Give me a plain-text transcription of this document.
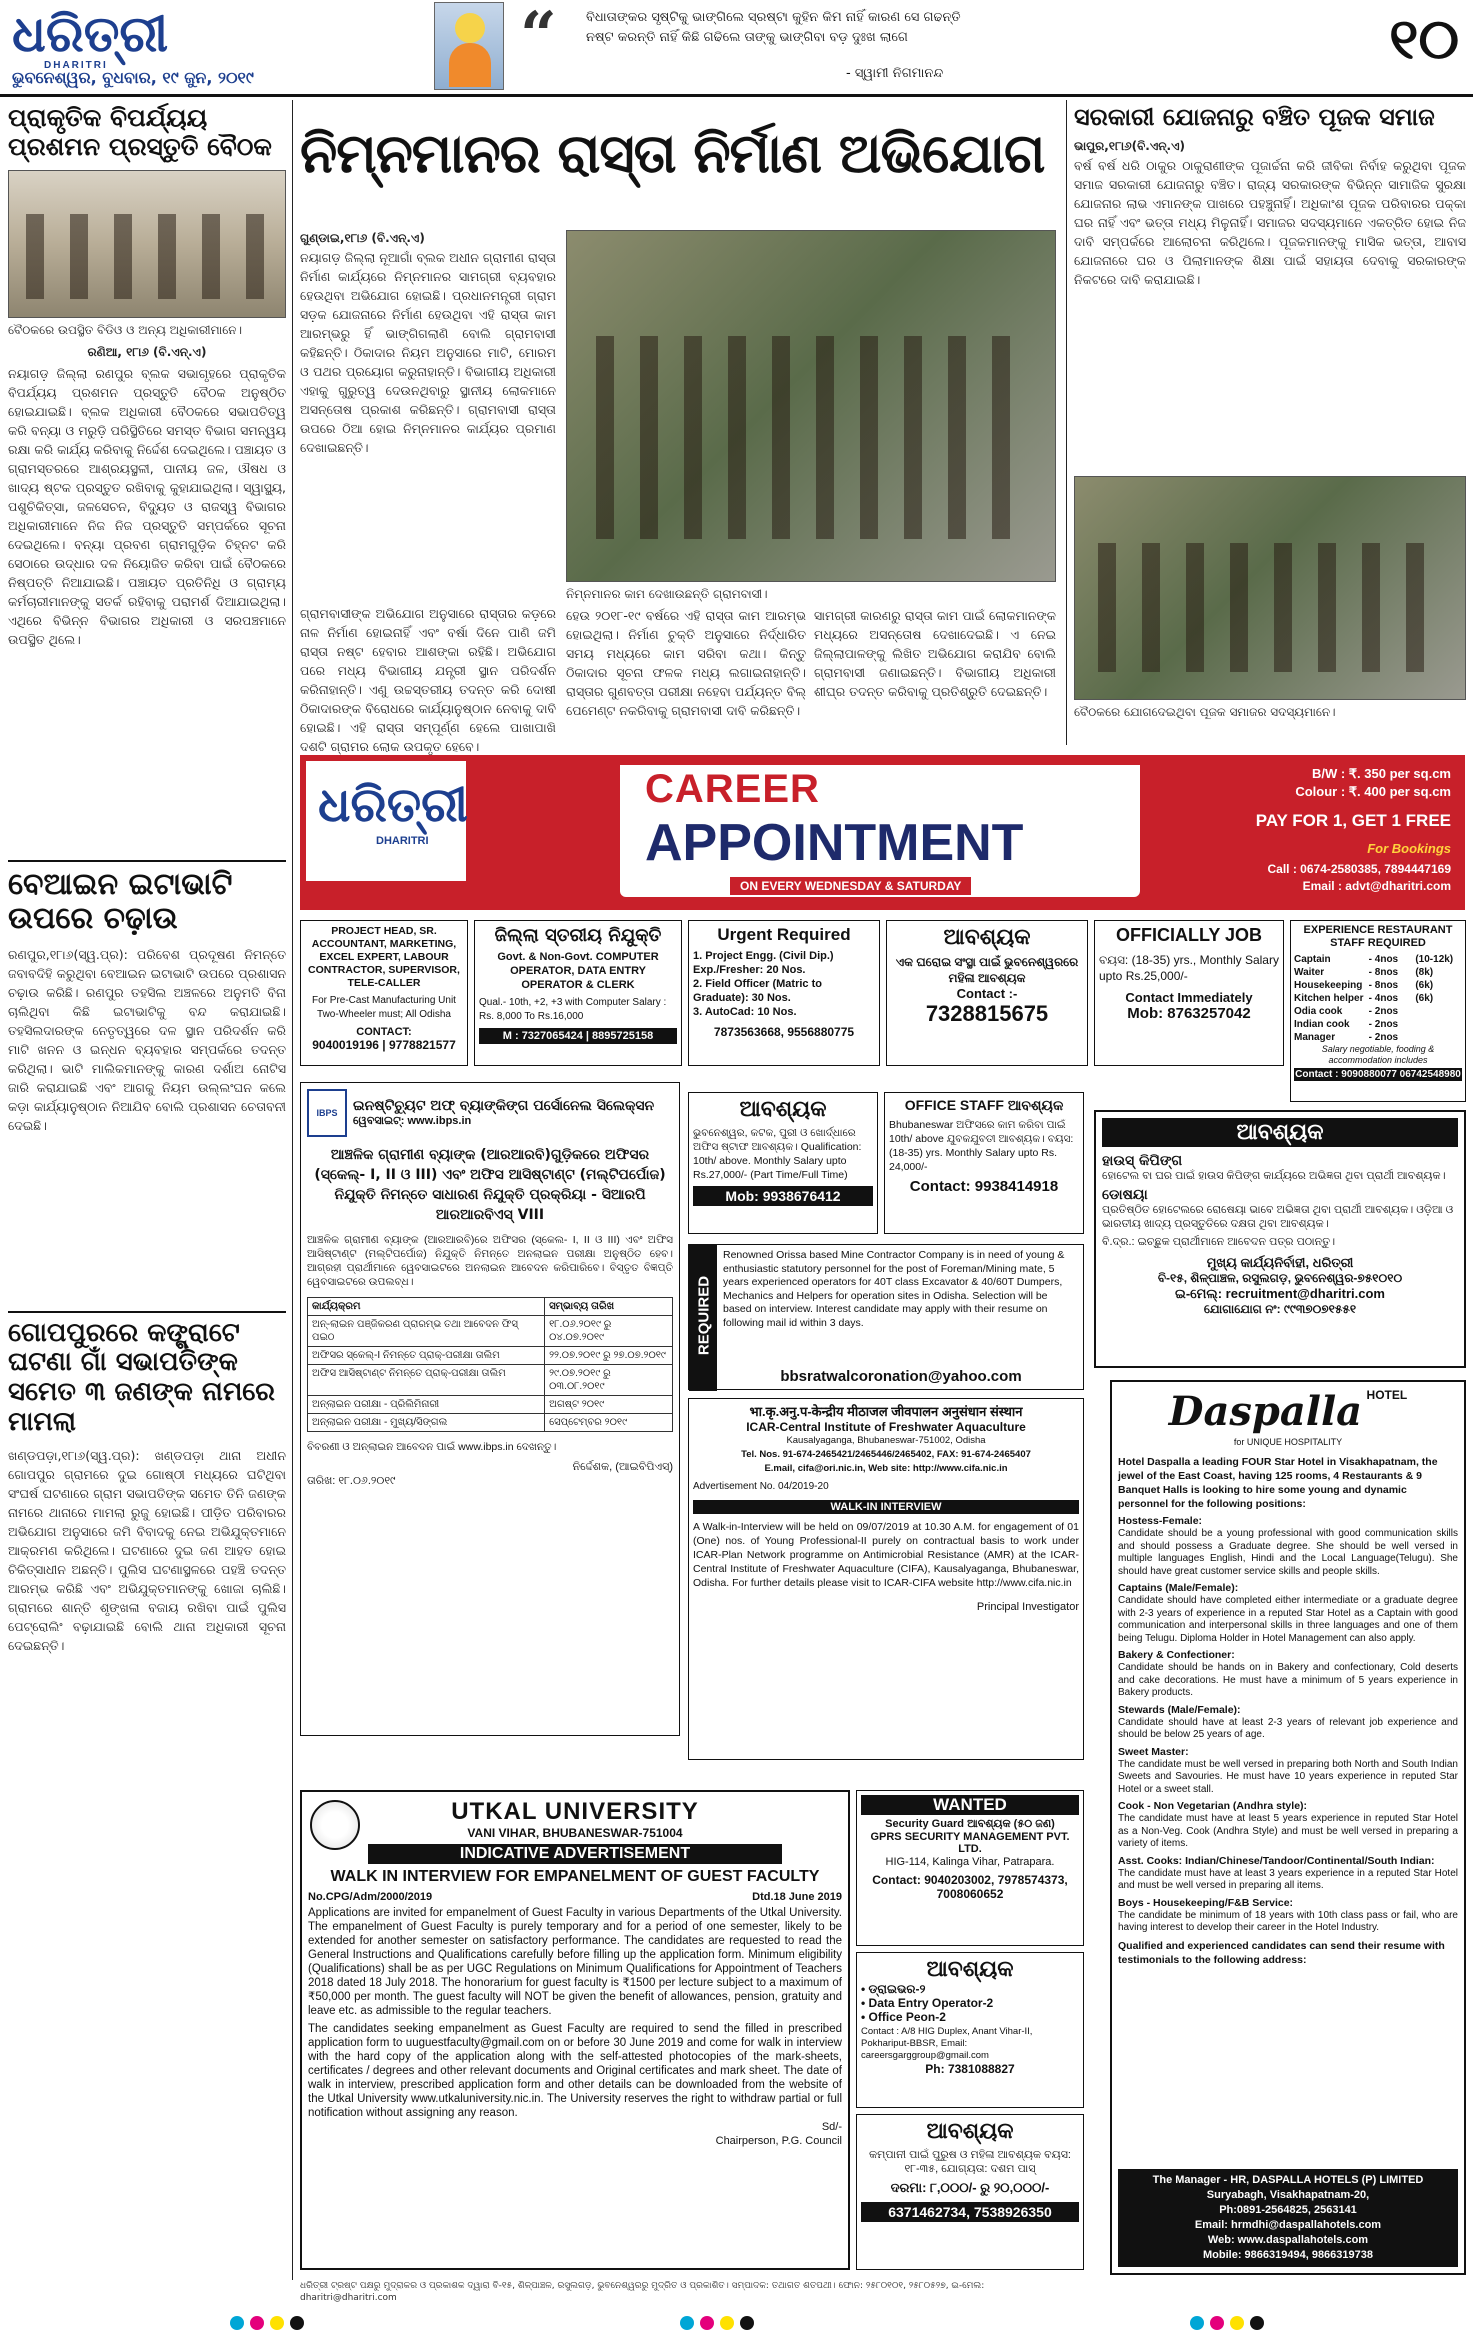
ଧରିତ୍ରୀ
DHARITRI
ଭୁବନେଶ୍ୱର, ବୁଧବାର, ୧୯ ଜୁନ, ୨୦୧୯
“ ବିଧାତାଙ୍କର ସୃଷ୍ଟିକୁ ଭାଙ୍ଗିଲେ ସ୍ରଷ୍ଟା କୁହିନ କିମ ନାହିଁ କାରଣ ସେ ଗଢନ୍ତି ନଷ୍ଟ କରନ୍ତି ନାହିଁ କିଛି ଗଢିଲେ ତାଙ୍କୁ ଭାଙ୍ଗିବା ବଡ଼ ଦୁଃଖ ଲାଗେ
- ସ୍ୱାମୀ ନିଗମାନନ୍ଦ
୧୦
ପ୍ରାକୃତିକ ବିପର୍ଯ୍ୟୟ ପ୍ରଶମନ ପ୍ରସ୍ତୁତି ବୈଠକ
ବୈଠକରେ ଉପସ୍ଥିତ ବିଡିଓ ଓ ଅନ୍ୟ ଅଧିକାରୀମାନେ।
ରଣିଆ, ୧୮ା୬ (ବି.ଏନ୍.ଏ)
ନୟାଗଡ଼ ଜିଲ୍ଲା ରଣପୁର ବ୍ଲକ ସଭାଗୃହରେ ପ୍ରାକୃତିକ ବିପର୍ଯ୍ୟୟ ପ୍ରଶମନ ପ୍ରସ୍ତୁତି ବୈଠକ ଅନୁଷ୍ଠିତ ହୋଇଯାଇଛି। ବ୍ଲକ ଅଧିକାରୀ ବୈଠକରେ ସଭାପତିତ୍ୱ କରି ବନ୍ୟା ଓ ମରୁଡ଼ି ପରିସ୍ଥିତିରେ ସମସ୍ତ ବିଭାଗ ସମନ୍ୱୟ ରକ୍ଷା କରି କାର୍ଯ୍ୟ କରିବାକୁ ନିର୍ଦ୍ଦେଶ ଦେଇଥିଲେ। ପଞ୍ଚାୟତ ଓ ଗ୍ରାମସ୍ତରରେ ଆଶ୍ରୟସ୍ଥଳୀ, ପାନୀୟ ଜଳ, ଔଷଧ ଓ ଖାଦ୍ୟ ଷ୍ଟକ ପ୍ରସ୍ତୁତ ରଖିବାକୁ କୁହାଯାଇଥିଲା। ସ୍ୱାସ୍ଥ୍ୟ, ପଶୁଚିକିତ୍ସା, ଜଳସେଚନ, ବିଦ୍ୟୁତ ଓ ରାଜସ୍ୱ ବିଭାଗର ଅଧିକାରୀମାନେ ନିଜ ନିଜ ପ୍ରସ୍ତୁତି ସମ୍ପର୍କରେ ସୂଚନା ଦେଇଥିଲେ। ବନ୍ୟା ପ୍ରବଣ ଗ୍ରାମଗୁଡ଼ିକ ଚିହ୍ନଟ କରି ସେଠାରେ ଉଦ୍ଧାର ଦଳ ନିୟୋଜିତ କରିବା ପାଇଁ ବୈଠକରେ ନିଷ୍ପତ୍ତି ନିଆଯାଇଛି। ପଞ୍ଚାୟତ ପ୍ରତିନିଧି ଓ ଗ୍ରାମ୍ୟ କର୍ମଚାରୀମାନଙ୍କୁ ସତର୍କ ରହିବାକୁ ପରାମର୍ଶ ଦିଆଯାଇଥିଲା। ଏଥିରେ ବିଭିନ୍ନ ବିଭାଗର ଅଧିକାରୀ ଓ ସରପଞ୍ଚମାନେ ଉପସ୍ଥିତ ଥିଲେ।
ବେଆଇନ ଇଟାଭାଟି ଉପରେ ଚଢ଼ାଉ
ରଣପୁର,୧୮ା୬(ସ୍ୱ.ପ୍ର): ପରିବେଶ ପ୍ରଦୂଷଣ ନିମନ୍ତେ ଜବାବଦିହି କରୁଥିବା ବେଆଇନ ଇଟାଭାଟି ଉପରେ ପ୍ରଶାସନ ଚଢ଼ାଉ କରିଛି। ରଣପୁର ତହସିଲ ଅଞ୍ଚଳରେ ଅନୁମତି ବିନା ଚାଲିଥିବା କିଛି ଇଟାଭାଟିକୁ ବନ୍ଦ କରାଯାଇଛି। ତହସିଲଦାରଙ୍କ ନେତୃତ୍ୱରେ ଦଳ ସ୍ଥାନ ପରିଦର୍ଶନ କରି ମାଟି ଖନନ ଓ ଇନ୍ଧନ ବ୍ୟବହାର ସମ୍ପର୍କରେ ତଦନ୍ତ କରିଥିଲା। ଭାଟି ମାଲିକମାନଙ୍କୁ କାରଣ ଦର୍ଶାଅ ନୋଟିସ ଜାରି କରାଯାଇଛି ଏବଂ ଆଗକୁ ନିୟମ ଉଲ୍ଲଂଘନ କଲେ କଡ଼ା କାର୍ଯ୍ୟାନୁଷ୍ଠାନ ନିଆଯିବ ବୋଲି ପ୍ରଶାସନ ଚେତାବନୀ ଦେଇଛି।
ଗୋପପୁରରେ କଙ୍ଗ୍ରାଟେ ଘଟଣା ଗାଁ ସଭାପତିଙ୍କ ସମେତ ୩ ଜଣଙ୍କ ନାମରେ ମାମଲା
ଖଣ୍ଡପଡ଼ା,୧୮ା୬(ସ୍ୱ.ପ୍ର): ଖଣ୍ଡପଡ଼ା ଥାନା ଅଧୀନ ଗୋପପୁର ଗ୍ରାମରେ ଦୁଇ ଗୋଷ୍ଠୀ ମଧ୍ୟରେ ଘଟିଥିବା ସଂଘର୍ଷ ଘଟଣାରେ ଗ୍ରାମ ସଭାପତିଙ୍କ ସମେତ ତିନି ଜଣଙ୍କ ନାମରେ ଥାନାରେ ମାମଲା ରୁଜୁ ହୋଇଛି। ପୀଡ଼ିତ ପରିବାରର ଅଭିଯୋଗ ଅନୁସାରେ ଜମି ବିବାଦକୁ ନେଇ ଅଭିଯୁକ୍ତମାନେ ଆକ୍ରମଣ କରିଥିଲେ। ଘଟଣାରେ ଦୁଇ ଜଣ ଆହତ ହୋଇ ଚିକିତ୍ସାଧୀନ ଅଛନ୍ତି। ପୁଲିସ ଘଟଣାସ୍ଥଳରେ ପହଞ୍ଚି ତଦନ୍ତ ଆରମ୍ଭ କରିଛି ଏବଂ ଅଭିଯୁକ୍ତମାନଙ୍କୁ ଖୋଜା ଚାଲିଛି। ଗ୍ରାମରେ ଶାନ୍ତି ଶୃଙ୍ଖଳା ବଜାୟ ରଖିବା ପାଇଁ ପୁଲିସ ପେଟ୍ରୋଲିଂ ବଢ଼ାଯାଇଛି ବୋଲି ଥାନା ଅଧିକାରୀ ସୂଚନା ଦେଇଛନ୍ତି।
ନିମ୍ନମାନର ରାସ୍ତା ନିର୍ମାଣ ଅଭିଯୋଗ
ଗୁଣ୍ଡାଇ,୧୮ା୬ (ବି.ଏନ୍.ଏ)
ନୟାଗଡ଼ ଜିଲ୍ଲା ନୂଆଗାଁ ବ୍ଲକ ଅଧୀନ ଗ୍ରାମୀଣ ରାସ୍ତା ନିର୍ମାଣ କାର୍ଯ୍ୟରେ ନିମ୍ନମାନର ସାମଗ୍ରୀ ବ୍ୟବହାର ହେଉଥିବା ଅଭିଯୋଗ ହୋଇଛି। ପ୍ରଧାନମନ୍ତ୍ରୀ ଗ୍ରାମ ସଡ଼କ ଯୋଜନାରେ ନିର୍ମାଣ ହେଉଥିବା ଏହି ରାସ୍ତା କାମ ଆରମ୍ଭରୁ ହିଁ ଭାଙ୍ଗିଗଲାଣି ବୋଲି ଗ୍ରାମବାସୀ କହିଛନ୍ତି। ଠିକାଦାର ନିୟମ ଅନୁସାରେ ମାଟି, ମୋରମ ଓ ପଥର ପ୍ରୟୋଗ କରୁନାହାନ୍ତି। ବିଭାଗୀୟ ଅଧିକାରୀ ଏହାକୁ ଗୁରୁତ୍ୱ ଦେଉନଥିବାରୁ ସ୍ଥାନୀୟ ଲୋକମାନେ ଅସନ୍ତୋଷ ପ୍ରକାଶ କରିଛନ୍ତି। ଗ୍ରାମବାସୀ ରାସ୍ତା ଉପରେ ଠିଆ ହୋଇ ନିମ୍ନମାନର କାର୍ଯ୍ୟର ପ୍ରମାଣ ଦେଖାଇଛନ୍ତି।
ନିମ୍ନମାନର କାମ ଦେଖାଉଛନ୍ତି ଗ୍ରାମବାସୀ।
ଗ୍ରାମବାସୀଙ୍କ ଅଭିଯୋଗ ଅନୁସାରେ ରାସ୍ତାର କଡ଼ରେ ନାଳ ନିର୍ମାଣ ହୋଇନାହିଁ ଏବଂ ବର୍ଷା ଦିନେ ପାଣି ଜମି ରାସ୍ତା ନଷ୍ଟ ହେବାର ଆଶଙ୍କା ରହିଛି। ଅଭିଯୋଗ ପରେ ମଧ୍ୟ ବିଭାଗୀୟ ଯନ୍ତ୍ରୀ ସ୍ଥାନ ପରିଦର୍ଶନ କରିନାହାନ୍ତି। ଏଣୁ ଉଚ୍ଚସ୍ତରୀୟ ତଦନ୍ତ କରି ଦୋଷୀ ଠିକାଦାରଙ୍କ ବିରୋଧରେ କାର୍ଯ୍ୟାନୁଷ୍ଠାନ ନେବାକୁ ଦାବି ହୋଇଛି। ଏହି ରାସ୍ତା ସମ୍ପୂର୍ଣ୍ଣ ହେଲେ ପାଖାପାଖି ଦଶଟି ଗ୍ରାମର ଲୋକ ଉପକୃତ ହେବେ।
ହେଉ ୨୦୧୮-୧୯ ବର୍ଷରେ ଏହି ରାସ୍ତା କାମ ଆରମ୍ଭ ହୋଇଥିଲା। ନିର୍ମାଣ ଚୁକ୍ତି ଅନୁସାରେ ନିର୍ଦ୍ଧାରିତ ସମୟ ମଧ୍ୟରେ କାମ ସରିବା କଥା। କିନ୍ତୁ ଠିକାଦାର ସୂଚନା ଫଳକ ମଧ୍ୟ ଲଗାଇନାହାନ୍ତି। ରାସ୍ତାର ଗୁଣବତ୍ତା ପରୀକ୍ଷା ନହେବା ପର୍ଯ୍ୟନ୍ତ ବିଲ୍ ପେମେଣ୍ଟ ନକରିବାକୁ ଗ୍ରାମବାସୀ ଦାବି କରିଛନ୍ତି।
ସାମଗ୍ରୀ କାରଣରୁ ରାସ୍ତା କାମ ପାଇଁ ଲୋକମାନଙ୍କ ମଧ୍ୟରେ ଅସନ୍ତୋଷ ଦେଖାଦେଇଛି। ଏ ନେଇ ଜିଲ୍ଲାପାଳଙ୍କୁ ଲିଖିତ ଅଭିଯୋଗ କରାଯିବ ବୋଲି ଗ୍ରାମବାସୀ ଜଣାଇଛନ୍ତି। ବିଭାଗୀୟ ଅଧିକାରୀ ଶୀଘ୍ର ତଦନ୍ତ କରିବାକୁ ପ୍ରତିଶ୍ରୁତି ଦେଇଛନ୍ତି।
ସରକାରୀ ଯୋଜନାରୁ ବଞ୍ଚିତ ପୂଜକ ସମାଜ
ଭାପୁର,୧୮ା୬(ବି.ଏନ୍.ଏ)
ବର୍ଷ ବର୍ଷ ଧରି ଠାକୁର ଠାକୁରାଣୀଙ୍କ ପୂଜାର୍ଚ୍ଚନା କରି ଜୀବିକା ନିର୍ବାହ କରୁଥିବା ପୂଜକ ସମାଜ ସରକାରୀ ଯୋଜନାରୁ ବଞ୍ଚିତ। ରାଜ୍ୟ ସରକାରଙ୍କ ବିଭିନ୍ନ ସାମାଜିକ ସୁରକ୍ଷା ଯୋଜନାର ଲାଭ ଏମାନଙ୍କ ପାଖରେ ପହଞ୍ଚୁନାହିଁ। ଅଧିକାଂଶ ପୂଜକ ପରିବାରର ପକ୍କା ଘର ନାହିଁ ଏବଂ ଭତ୍ତା ମଧ୍ୟ ମିଳୁନାହିଁ। ସମାଜର ସଦସ୍ୟମାନେ ଏକତ୍ରିତ ହୋଇ ନିଜ ଦାବି ସମ୍ପର୍କରେ ଆଲୋଚନା କରିଥିଲେ। ପୂଜକମାନଙ୍କୁ ମାସିକ ଭତ୍ତା, ଆବାସ ଯୋଜନାରେ ଘର ଓ ପିଲାମାନଙ୍କ ଶିକ୍ଷା ପାଇଁ ସହାୟତା ଦେବାକୁ ସରକାରଙ୍କ ନିକଟରେ ଦାବି କରାଯାଇଛି।
ବୈଠକରେ ଯୋଗଦେଇଥିବା ପୂଜକ ସମାଜର ସଦସ୍ୟମାନେ।
ଧରିତ୍ରୀ
DHARITRI
CAREER
APPOINTMENT
ON EVERY WEDNESDAY & SATURDAY
B/W : ₹. 350 per sq.cm
Colour : ₹. 400 per sq.cm
PAY FOR 1, GET 1 FREE
For Bookings
Call : 0674-2580385, 7894447169
Email : advt@dharitri.com
PROJECT HEAD, SR. ACCOUNTANT, MARKETING, EXCEL EXPERT, LABOUR CONTRACTOR, SUPERVISOR, TELE-CALLER
For Pre-Cast Manufacturing Unit Two-Wheeler must; All Odisha
CONTACT:
9040019196 | 9778821577
ଜିଲ୍ଲା ସ୍ତରୀୟ ନିଯୁକ୍ତି
Govt. & Non-Govt. COMPUTER OPERATOR, DATA ENTRY OPERATOR & CLERK
Qual.- 10th, +2, +3 with Computer Salary : Rs. 8,000 To Rs.16,000
M : 7327065424 | 8895725158
Urgent Required
1. Project Engg. (Civil Dip.) Exp./Fresher: 20 Nos.
2. Field Officer (Matric to Graduate): 30 Nos.
3. AutoCad: 10 Nos.
7873563668, 9556880775
ଆବଶ୍ୟକ
ଏକ ଘରୋଇ ସଂସ୍ଥା ପାଇଁ ଭୁବନେଶ୍ୱରରେ ମହିଳା ଆବଶ୍ୟକ
Contact :-
7328815675
OFFICIALLY JOB
ବୟସ: (18-35) yrs., Monthly Salary upto Rs.25,000/-
Contact Immediately
Mob: 8763257042
EXPERIENCE RESTAURANT STAFF REQUIRED
Captain	- 4nos	(10-12k)
Waiter	- 8nos	(8k)
Housekeeping - 8nos	(6k)
Kitchen helper - 4nos	(6k)
Odia cook	- 2nos
Indian cook	- 2nos
Manager	- 2nos
Salary negotiable, fooding & accommodation includes
Contact : 9090880077 06742548980
IBPS	ଇନଷ୍ଟିଚ୍ୟୁଟ ଅଫ୍ ବ୍ୟାଙ୍କିଙ୍ଗ ପର୍ସୋନେଲ ସିଲେକ୍ସନ
ୱେବସାଇଟ୍: www.ibps.in
ଆଞ୍ଚଳିକ ଗ୍ରାମୀଣ ବ୍ୟାଙ୍କ (ଆରଆରବି)ଗୁଡ଼ିକରେ ଅଫିସର (ସ୍କେଲ୍- I, II ଓ III) ଏବଂ ଅଫିସ ଆସିଷ୍ଟାଣ୍ଟ (ମଲ୍ଟିପର୍ପୋଜ) ନିଯୁକ୍ତି ନିମନ୍ତେ ସାଧାରଣ ନିଯୁକ୍ତି ପ୍ରକ୍ରିୟା - ସିଆରପି ଆରଆରବିଏସ୍ VIII
ଆଞ୍ଚଳିକ ଗ୍ରାମୀଣ ବ୍ୟାଙ୍କ (ଆରଆରବି)ରେ ଅଫିସର (ସ୍କେଲ- I, II ଓ III) ଏବଂ ଅଫିସ ଆସିଷ୍ଟାଣ୍ଟ (ମଲ୍ଟିପର୍ପୋଜ) ନିଯୁକ୍ତି ନିମନ୍ତେ ଅନଲାଇନ ପରୀକ୍ଷା ଅନୁଷ୍ଠିତ ହେବ। ଆଗ୍ରହୀ ପ୍ରାର୍ଥୀମାନେ ୱେବସାଇଟରେ ଅନଲାଇନ ଆବେଦନ କରିପାରିବେ। ବିସ୍ତୃତ ବିଜ୍ଞପ୍ତି ୱେବସାଇଟରେ ଉପଲବ୍ଧ।
କାର୍ଯ୍ୟକ୍ରମ	ସମ୍ଭାବ୍ୟ ତାରିଖ
ଅନ୍-ଲାଇନ ପଞ୍ଜିକରଣ ପ୍ରାରମ୍ଭ ତଥା ଆବେଦନ ଫିସ୍ ପଇଠ	୧୮.୦୬.୨୦୧୯ ରୁ ୦୪.୦୭.୨୦୧୯
ଅଫିସର ସ୍କେଲ୍-I ନିମନ୍ତେ ପ୍ରାକ୍-ପରୀକ୍ଷା ତାଲିମ	୨୨.୦୭.୨୦୧୯ ରୁ ୨୭.୦୭.୨୦୧୯
ଅଫିସ ଆସିଷ୍ଟାଣ୍ଟ ନିମନ୍ତେ ପ୍ରାକ୍-ପରୀକ୍ଷା ତାଲିମ	୨୯.୦୭.୨୦୧୯ ରୁ ୦୩.୦୮.୨୦୧୯
ଅନ୍‌ଲାଇନ ପରୀକ୍ଷା - ପ୍ରିଲିମିନାରୀ	ଅଗଷ୍ଟ ୨୦୧୯
ଅନ୍‌ଲାଇନ ପରୀକ୍ଷା - ମୁଖ୍ୟ/ସିଙ୍ଗଲ	ସେପ୍ଟେମ୍ବର ୨୦୧୯
ବିବରଣୀ ଓ ଅନ୍ଲାଇନ ଆବେଦନ ପାଇଁ www.ibps.in ଦେଖନ୍ତୁ।
ନିର୍ଦ୍ଦେଶକ, (ଆଇବିପିଏସ୍)
ତାରିଖ: ୧୮.୦୬.୨୦୧୯
ଆବଶ୍ୟକ
ଭୁବନେଶ୍ୱର, କଟକ, ପୁରୀ ଓ ଖୋର୍ଦ୍ଧାରେ ଅଫିସ ଷ୍ଟାଫ ଆବଶ୍ୟକ। Qualification: 10th/ above. Monthly Salary upto Rs.27,000/- (Part Time/Full Time)
Mob: 9938676412
OFFICE STAFF ଆବଶ୍ୟକ
Bhubaneswar ଅଫିସରେ କାମ କରିବା ପାଇଁ 10th/ above ଯୁବକଯୁବତୀ ଆବଶ୍ୟକ। ବୟସ: (18-35) yrs. Monthly Salary upto Rs. 24,000/-
Contact: 9938414918
REQUIRED
Renowned Orissa based Mine Contractor Company is in need of young & enthusiastic statutory personnel for the post of Foreman/Mining mate, 5 years experienced operators for 40T class Excavator & 40/60T Dumpers, Mechanics and Helpers for operation sites in Odisha. Selection will be based on interview. Interest candidate may apply with their resume on following mail id within 3 days.
bbsratwalcoronation@yahoo.com
भा.कृ.अनु.प-केन्द्रीय मीठाजल जीवपालन अनुसंधान संस्थान
ICAR-Central Institute of Freshwater Aquaculture
Kausalyaganga, Bhubaneswar-751002, Odisha
Tel. Nos. 91-674-2465421/2465446/2465402, FAX: 91-674-2465407
E.mail, cifa@ori.nic.in, Web site: http://www.cifa.nic.in
Advertisement No. 04/2019-20
WALK-IN INTERVIEW
A Walk-in-Interview will be held on 09/07/2019 at 10.30 A.M. for engagement of 01 (One) nos. of Young Professional-II purely on contractual basis to work under ICAR-Plan Network programme on Antimicrobial Resistance (AMR) at the ICAR-Central Institute of Freshwater Aquaculture (CIFA), Kausalyaganga, Bhubaneswar, Odisha. For further details please visit to ICAR-CIFA website http://www.cifa.nic.in
Principal Investigator
ଆବଶ୍ୟକ
ହାଉସ୍ କିପିଙ୍ଗ
ହୋଟେଲ ବା ଘର ପାଇଁ ହାଉସ କିପିଙ୍ଗ କାର୍ଯ୍ୟରେ ଅଭିଜ୍ଞତା ଥିବା ପ୍ରାର୍ଥୀ ଆବଶ୍ୟକ।
ଡୋଷୟା
ପ୍ରତିଷ୍ଠିତ ହୋଟେଲରେ ରୋଷେୟା ଭାବେ ଅଭିଜ୍ଞତା ଥିବା ପ୍ରାର୍ଥୀ ଆବଶ୍ୟକ। ଓଡ଼ିଆ ଓ ଭାରତୀୟ ଖାଦ୍ୟ ପ୍ରସ୍ତୁତିରେ ଦକ୍ଷତା ଥିବା ଆବଶ୍ୟକ।
ବି.ଦ୍ର.: ଇଚ୍ଛୁକ ପ୍ରାର୍ଥୀମାନେ ଆବେଦନ ପତ୍ର ପଠାନ୍ତୁ।
ମୁଖ୍ୟ କାର୍ଯ୍ୟନିର୍ବାହୀ, ଧରିତ୍ରୀ
ବି-୧୫, ଶିଳ୍ପାଞ୍ଚଳ, ରସୁଲଗଡ଼, ଭୁବନେଶ୍ୱର-୭୫୧୦୧୦
ଇ-ମେଲ୍: recruitment@dharitri.com
ଯୋଗାଯୋଗ ନଂ: ୯୯୩୭୦୭୧୫୫୧
Daspalla $^{HOTEL}$
for UNIQUE HOSPITALITY
Hotel Daspalla a leading FOUR Star Hotel in Visakhapatnam, the jewel of the East Coast, having 125 rooms, 4 Restaurants & 9 Banquet Halls is looking to hire some young and dynamic personnel for the following positions:
Hostess-Female:
Candidate should be a young professional with good communication skills and should possess a Graduate degree. She should be well versed in multiple languages English, Hindi and the Local Language(Telugu). She should have great customer service skills and people skills.
Captains (Male/Female):
Candidate should have completed either intermediate or a graduate degree with 2-3 years of experience in a reputed Star Hotel as a Captain with good communication and interpersonal skills in three languages and one of them being Telugu. Diploma Holder in Hotel Management can also apply.
Bakery & Confectioner:
Candidate should be hands on in Bakery and confectionary, Cold deserts and cake decorations. He must have a minimum of 5 years experience in Bakery products.
Stewards (Male/Female):
Candidate should have at least 2-3 years of relevant job experience and should be below 25 years of age.
Sweet Master:
The candidate must be well versed in preparing both North and South Indian Sweets and Savouries. He must have 10 years experience in reputed Star Hotel or a sweet stall.
Cook - Non Vegetarian (Andhra style):
The candidate must have at least 5 years experience in reputed Star Hotel as a Non-Veg. Cook (Andhra Style) and must be well versed in preparing a variety of items.
Asst. Cooks: Indian/Chinese/Tandoor/Continental/South Indian:
The candidate must have at least 3 years experience in a reputed Star Hotel and must be well versed in preparing all items.
Boys - Housekeeping/F&B Service:
The candidate be minimum of 18 years with 10th class pass or fail, who are having interest to develop their career in the Hotel Industry.
Qualified and experienced candidates can send their resume with testimonials to the following address:
The Manager - HR, DASPALLA HOTELS (P) LIMITED
Suryabagh, Visakhapatnam-20,
Ph:0891-2564825, 2563141
Email: hrmdhi@daspallahotels.com
Web: www.daspallahotels.com
Mobile: 9866319494, 9866319738
UTKAL UNIVERSITY
VANI VIHAR, BHUBANESWAR-751004
INDICATIVE ADVERTISEMENT
WALK IN INTERVIEW FOR EMPANELMENT OF GUEST FACULTY
No.CPG/Adm/2000/2019	Dtd.18 June 2019
Applications are invited for empanelment of Guest Faculty in various Departments of the Utkal University. The empanelment of Guest Faculty is purely temporary and for a period of one semester, likely to be extended for another semester on satisfactory performance. The candidates are requested to read the General Instructions and Qualifications carefully before filling up the application form. Minimum eligibility (Qualifications) shall be as per UGC Regulations on Minimum Qualifications for Appointment of Teachers 2018 dated 18 July 2018. The honorarium for guest faculty is ₹1500 per lecture subject to a maximum of ₹50,000 per month. The guest faculty will NOT be given the benefit of allowances, pension, gratuity and leave etc. as admissible to the regular teachers.
The candidates seeking empanelment as Guest Faculty are required to send the filled in prescribed application form to uuguestfaculty@gmail.com on or before 30 June 2019 and come for walk in interview with the hard copy of the application along with the self-attested photocopies of the mark-sheets, certificates / degrees and other relevant documents and Original certificates and mark sheet. The date of walk in interview, prescribed application form and other details can be downloaded from the website of the Utkal University www.utkaluniversity.nic.in. The University reserves the right to withdraw partial or full notification without assigning any reason.
Sd/-
Chairperson, P.G. Council
WANTED
Security Guard ଆବଶ୍ୟକ (୫୦ ଜଣ)
GPRS SECURITY MANAGEMENT PVT. LTD.
HIG-114, Kalinga Vihar, Patrapara.
Contact: 9040203002, 7978574373, 7008060652
ଆବଶ୍ୟକ
• ଡ୍ରାଇଭର-୨
• Data Entry Operator-2
• Office Peon-2
Contact : A/8 HIG Duplex, Anant Vihar-II, Pokhariput-BBSR, Email: careersgarggroup@gmail.com
Ph: 7381088827
ଆବଶ୍ୟକ
କମ୍ପାନୀ ପାଇଁ ପୁରୁଷ ଓ ମହିଳା ଆବଶ୍ୟକ ବୟସ: ୧୮-୩୫, ଯୋଗ୍ୟତା: ଦଶମ ପାସ୍
ଦରମା: ୮,୦୦୦/- ରୁ ୨୦,୦୦୦/-
6371462734, 7538926350
ଧରିତ୍ରୀ ଟ୍ରଷ୍ଟ ପକ୍ଷରୁ ମୁଦ୍ରାକର ଓ ପ୍ରକାଶକ ଦ୍ୱାରା ବି-୧୫, ଶିଳ୍ପାଞ୍ଚଳ, ରସୁଲଗଡ଼, ଭୁବନେଶ୍ୱରରୁ ମୁଦ୍ରିତ ଓ ପ୍ରକାଶିତ। ସମ୍ପାଦକ: ତଥାଗତ ଶତପଥୀ। ଫୋନ: ୨୫୮୦୧୦୧, ୨୫୮୦୫୨୭, ଇ-ମେଲ: dharitri@dharitri.com
